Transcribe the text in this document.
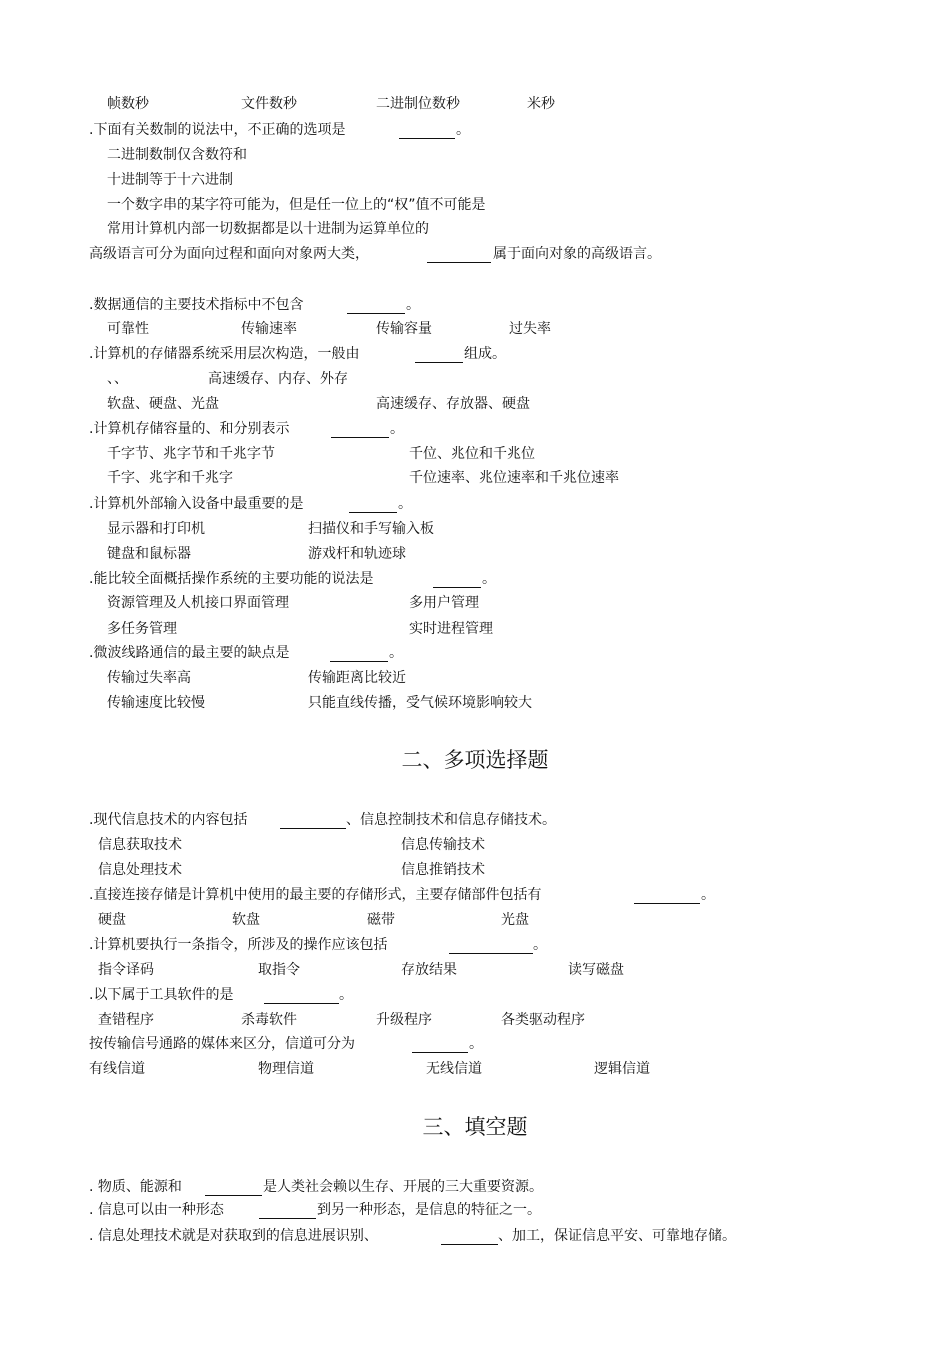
帧数秒	文件数秒	二进制位数秒	米秒
.下面有关数制的说法中，不正确的选项是	。
二进制数制仅含数符和
十进制等于十六进制
一个数字串的某字符可能为，但是任一位上的“权”值不可能是
常用计算机内部一切数据都是以十进制为运算单位的
高级语言可分为面向过程和面向对象两大类，	属于面向对象的高级语言。
.数据通信的主要技术指标中不包含	。
可靠性	传输速率	传输容量	过失率
.计算机的存储器系统采用层次构造，一般由	组成。
、、	高速缓存、内存、外存
软盘、硬盘、光盘	高速缓存、存放器、硬盘
.计算机存储容量的、和分别表示	。
千字节、兆字节和千兆字节	千位、兆位和千兆位
千字、兆字和千兆字	千位速率、兆位速率和千兆位速率
.计算机外部输入设备中最重要的是	。
显示器和打印机	扫描仪和手写输入板
键盘和鼠标器	游戏杆和轨迹球
.能比较全面概括操作系统的主要功能的说法是	。
资源管理及人机接口界面管理	多用户管理
多任务管理	实时进程管理
.微波线路通信的最主要的缺点是	。
传输过失率高	传输距离比较近
传输速度比较慢	只能直线传播，受气候环境影响较大
二、多项选择题
.现代信息技术的内容包括	、信息控制技术和信息存储技术。
信息获取技术	信息传输技术
信息处理技术	信息推销技术
.直接连接存储是计算机中使用的最主要的存储形式，主要存储部件包括有	。
硬盘	软盘	磁带	光盘
.计算机要执行一条指令，所涉及的操作应该包括	。
指令译码	取指令	存放结果	读写磁盘
.以下属于工具软件的是	。
查错程序	杀毒软件	升级程序	各类驱动程序
按传输信号通路的媒体来区分，信道可分为	。
有线信道	物理信道	无线信道	逻辑信道
三、填空题
. 物质、能源和	是人类社会赖以生存、开展的三大重要资源。
. 信息可以由一种形态	到另一种形态，是信息的特征之一。
. 信息处理技术就是对获取到的信息进展识别、	、加工，保证信息平安、可靠地存储。
